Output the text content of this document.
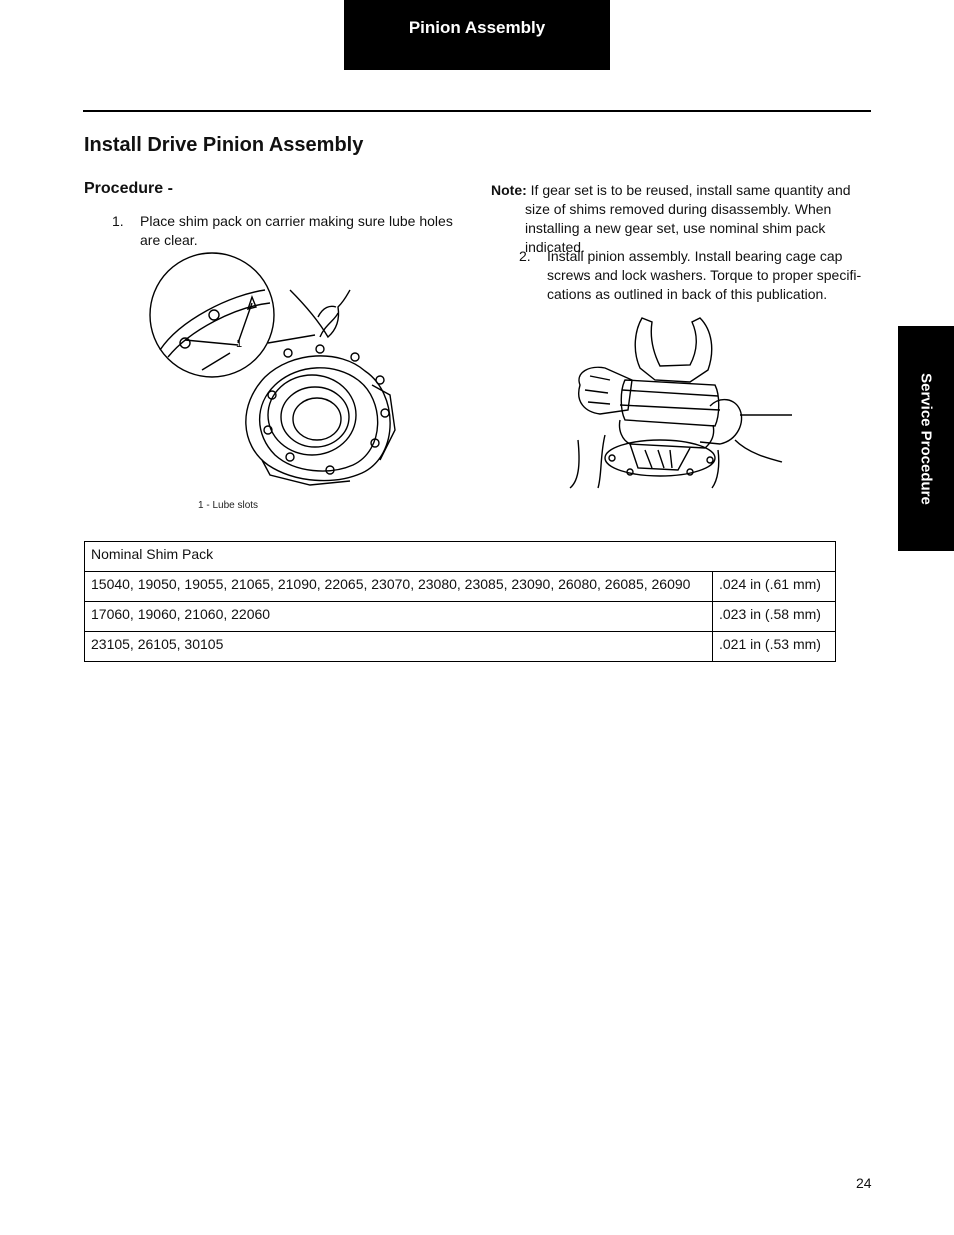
Pinion Assembly
Install Drive Pinion Assembly
Procedure -
1.	Place shim pack on carrier making sure lube holes are clear.
Note: If gear set is to be reused, install same quantity and size of shims removed during disassembly. When installing a new gear set, use nominal shim pack indicated.
2.	Install pinion assembly. Install bearing cage cap screws and lock washers. Torque to proper specifi-cations as outlined in back of this publication.
1
1 - Lube slots
Service Procedure
Nominal Shim Pack	
15040, 19050, 19055, 21065, 21090, 22065, 23070, 23080, 23085, 23090, 26080, 26085, 26090	.024 in (.61 mm)
17060, 19060, 21060, 22060	.023 in (.58 mm)
23105, 26105, 30105	.021 in (.53 mm)
24
